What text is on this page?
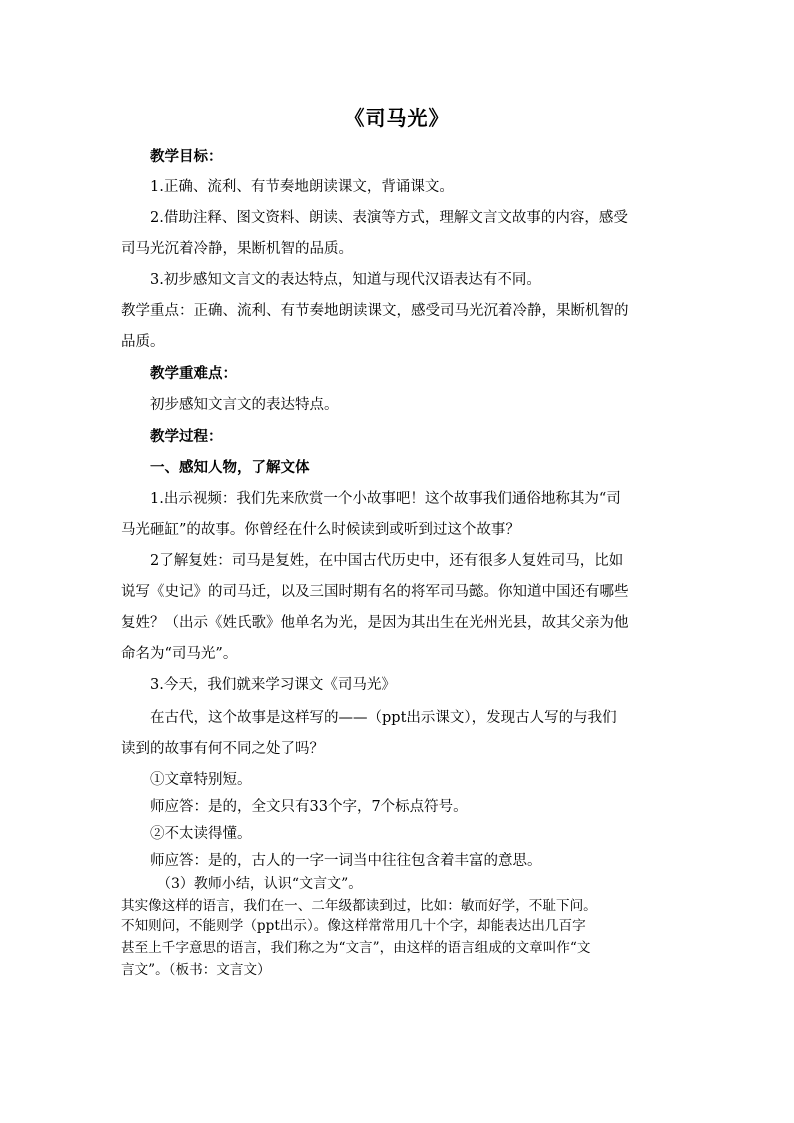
《司马光》
教学目标：
1.正确、流利、有节奏地朗读课文，背诵课文。
2.借助注释、图文资料、朗读、表演等方式，理解文言文故事的内容，感受
司马光沉着冷静，果断机智的品质。
3.初步感知文言文的表达特点，知道与现代汉语表达有不同。
教学重点：正确、流利、有节奏地朗读课文，感受司马光沉着冷静，果断机智的
品质。
教学重难点：
初步感知文言文的表达特点。
教学过程：
一、感知人物，了解文体
1.出示视频：我们先来欣赏一个小故事吧！这个故事我们通俗地称其为“司
马光砸缸”的故事。你曾经在什么时候读到或听到过这个故事？
2了解复姓：司马是复姓，在中国古代历史中，还有很多人复姓司马，比如
说写《史记》的司马迁，以及三国时期有名的将军司马懿。你知道中国还有哪些
复姓？（出示《姓氏歌》他单名为光，是因为其出生在光州光县，故其父亲为他
命名为“司马光”。
3.今天，我们就来学习课文《司马光》
在古代，这个故事是这样写的——（ppt出示课文），发现古人写的与我们
读到的故事有何不同之处了吗？
①文章特别短。
师应答：是的，全文只有33个字，7个标点符号。
②不太读得懂。
师应答：是的，古人的一字一词当中往往包含着丰富的意思。
（3）教师小结，认识“文言文”。
其实像这样的语言，我们在一、二年级都读到过，比如：敏而好学，不耻下问。
不知则问，不能则学（ppt出示）。像这样常常用几十个字，却能表达出几百字
甚至上千字意思的语言，我们称之为“文言”，由这样的语言组成的文章叫作“文
言文”。（板书：文言文）
